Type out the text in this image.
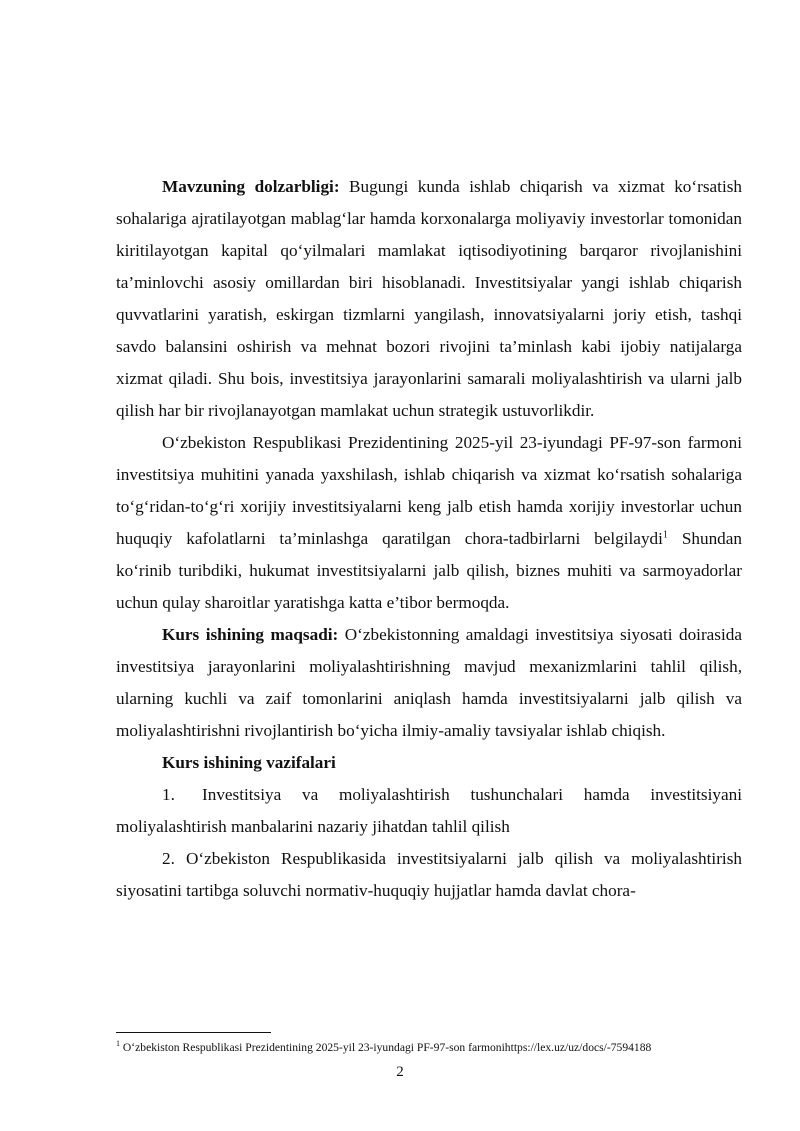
Mavzuning dolzarbligi: Bugungi kunda ishlab chiqarish va xizmat ko‘rsatish sohalariga ajratilayotgan mablag‘lar hamda korxonalarga moliyaviy investorlar tomonidan kiritilayotgan kapital qo‘yilmalari mamlakat iqtisodiyotining barqaror rivojlanishini ta’minlovchi asosiy omillardan biri hisoblanadi. Investitsiyalar yangi ishlab chiqarish quvvatlarini yaratish, eskirgan tizmlarni yangilash, innovatsiyalarni joriy etish, tashqi savdo balansini oshirish va mehnat bozori rivojini ta’minlash kabi ijobiy natijalarga xizmat qiladi. Shu bois, investitsiya jarayonlarini samarali moliyalashtirish va ularni jalb qilish har bir rivojlanayotgan mamlakat uchun strategik ustuvorlikdir.

O‘zbekiston Respublikasi Prezidentining 2025-yil 23-iyundagi PF-97-son farmoni investitsiya muhitini yanada yaxshilash, ishlab chiqarish va xizmat ko‘rsatish sohalariga to‘g‘ridan-to‘g‘ri xorijiy investitsiyalarni keng jalb etish hamda xorijiy investorlar uchun huquqiy kafolatlarni ta’minlashga qaratilgan chora-tadbirlarni belgilaydi$^1$ Shundan ko‘rinib turibdiki, hukumat investitsiyalarni jalb qilish, biznes muhiti va sarmoyadorlar uchun qulay sharoitlar yaratishga katta e’tibor bermoqda.

Kurs ishining maqsadi: O‘zbekistonning amaldagi investitsiya siyosati doirasida investitsiya jarayonlarini moliyalashtirishning mavjud mexanizmlarini tahlil qilish, ularning kuchli va zaif tomonlarini aniqlash hamda investitsiyalarni jalb qilish va moliyalashtirishni rivojlantirish bo‘yicha ilmiy-amaliy tavsiyalar ishlab chiqish.

Kurs ishining vazifalari

1. Investitsiya va moliyalashtirish tushunchalari hamda investitsiyani moliyalashtirish manbalarini nazariy jihatdan tahlil qilish

2. O‘zbekiston Respublikasida investitsiyalarni jalb qilish va moliyalashtirish siyosatini tartibga soluvchi normativ-huquqiy hujjatlar hamda davlat chora-

$^1$ O‘zbekiston Respublikasi Prezidentining 2025-yil 23-iyundagi PF-97-son farmonihttps://lex.uz/uz/docs/-7594188
2
